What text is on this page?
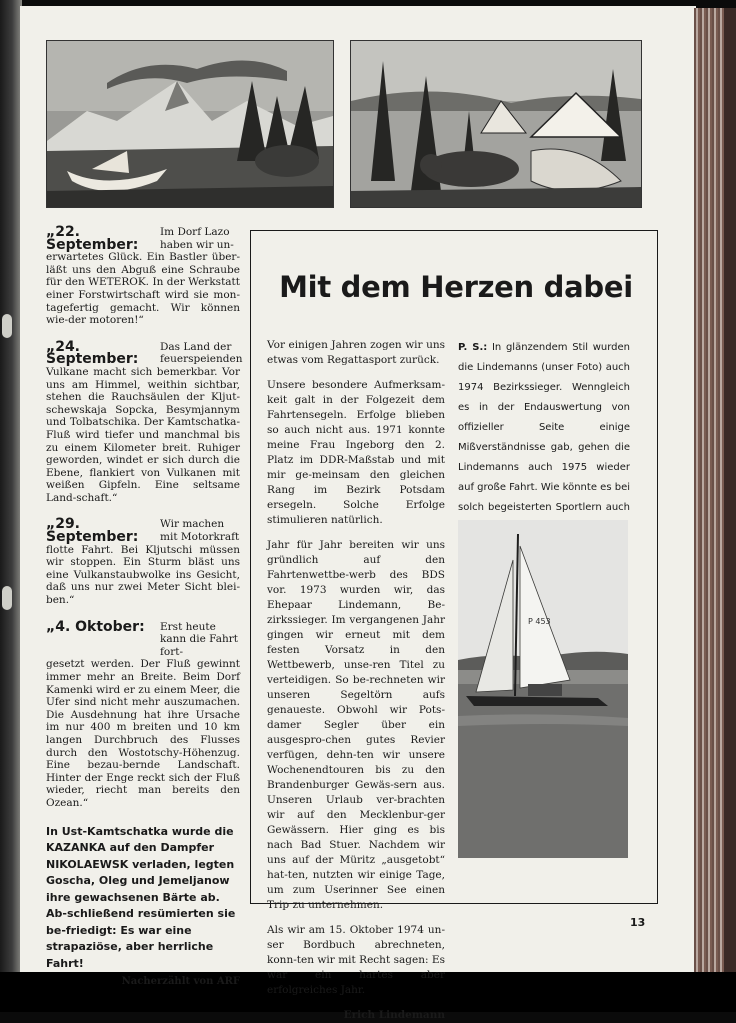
Im Dorf Lazo haben wir un-
„22. September:

erwartetes Glück. Ein Bastler über-läßt uns den Abguß eine Schraube für den WETEROK. In der Werkstatt einer Forstwirtschaft wird sie mon-tagefertig gemacht. Wir können wie-der motoren!“

Das Land der feuerspeienden
„24. September:

Vulkane macht sich bemerkbar. Vor uns am Himmel, weithin sichtbar, stehen die Rauchsäulen der Kljut-schewskaja Sopcka, Besymjannym und Tolbatschika. Der Kamtschatka-Fluß wird tiefer und manchmal bis zu einem Kilometer breit. Ruhiger geworden, windet er sich durch die Ebene, flankiert von Vulkanen mit weißen Gipfeln. Eine seltsame Land-schaft.“

Wir machen mit Motorkraft
„29. September:

flotte Fahrt. Bei Kljutschi müssen wir stoppen. Ein Sturm bläst uns eine Vulkanstaubwolke ins Gesicht, daß uns nur zwei Meter Sicht blei-ben.“

Erst heute kann die Fahrt fort-
„4. Oktober:

gesetzt werden. Der Fluß gewinnt immer mehr an Breite. Beim Dorf Kamenki wird er zu einem Meer, die Ufer sind nicht mehr auszumachen. Die Ausdehnung hat ihre Ursache im nur 400 m breiten und 10 km langen Durchbruch des Flusses durch den Wostotschy-Höhenzug. Eine bezau-bernde Landschaft. Hinter der Enge reckt sich der Fluß wieder, riecht man bereits den Ozean.“

In Ust-Kamtschatka wurde die KAZANKA auf den Dampfer NIKOLAEWSK verladen, legten Goscha, Oleg und Jemeljanow ihre gewachsenen Bärte ab. Ab-schließend resümierten sie be-friedigt: Es war eine strapaziöse, aber herrliche Fahrt!
Nacherzählt von ARF
Mit dem Herzen dabei

Vor einigen Jahren zogen wir uns etwas vom Regattasport zurück.

Unsere besondere Aufmerksam-keit galt in der Folgezeit dem Fahrtensegeln. Erfolge blieben so auch nicht aus. 1971 konnte meine Frau Ingeborg den 2. Platz im DDR-Maßstab und mit mir ge-meinsam den gleichen Rang im Bezirk Potsdam ersegeln. Solche Erfolge stimulieren natürlich.

Jahr für Jahr bereiten wir uns gründlich auf den Fahrtenwettbe-werb des BDS vor. 1973 wurden wir, das Ehepaar Lindemann, Be-zirkssieger. Im vergangenen Jahr gingen wir erneut mit dem festen Vorsatz in den Wettbewerb, unse-ren Titel zu verteidigen. So be-rechneten wir unseren Segeltörn aufs genaueste. Obwohl wir Pots-damer Segler über ein ausgespro-chen gutes Revier verfügen, dehn-ten wir unsere Wochenendtouren bis zu den Brandenburger Gewäs-sern aus. Unseren Urlaub ver-brachten wir auf den Mecklenbur-ger Gewässern. Hier ging es bis nach Bad Stuer. Nachdem wir uns auf der Müritz „ausgetobt“ hat-ten, nutzten wir einige Tage, um zum Userinner See einen Trip zu unternehmen.

Als wir am 15. Oktober 1974 un-ser Bordbuch abrechneten, konn-ten wir mit Recht sagen: Es war ein hartes aber erfolgreiches Jahr.

Erich Lindemann
P. S.: In glänzendem Stil wurden die Lindemanns (unser Foto) auch 1974 Bezirkssieger. Wenngleich es in der Endauswertung von offizieller Seite einige Mißverständnisse gab, gehen die Lindemanns auch 1975 wieder auf große Fahrt. Wie könnte es bei solch begeisterten Sportlern auch
P 453
13
